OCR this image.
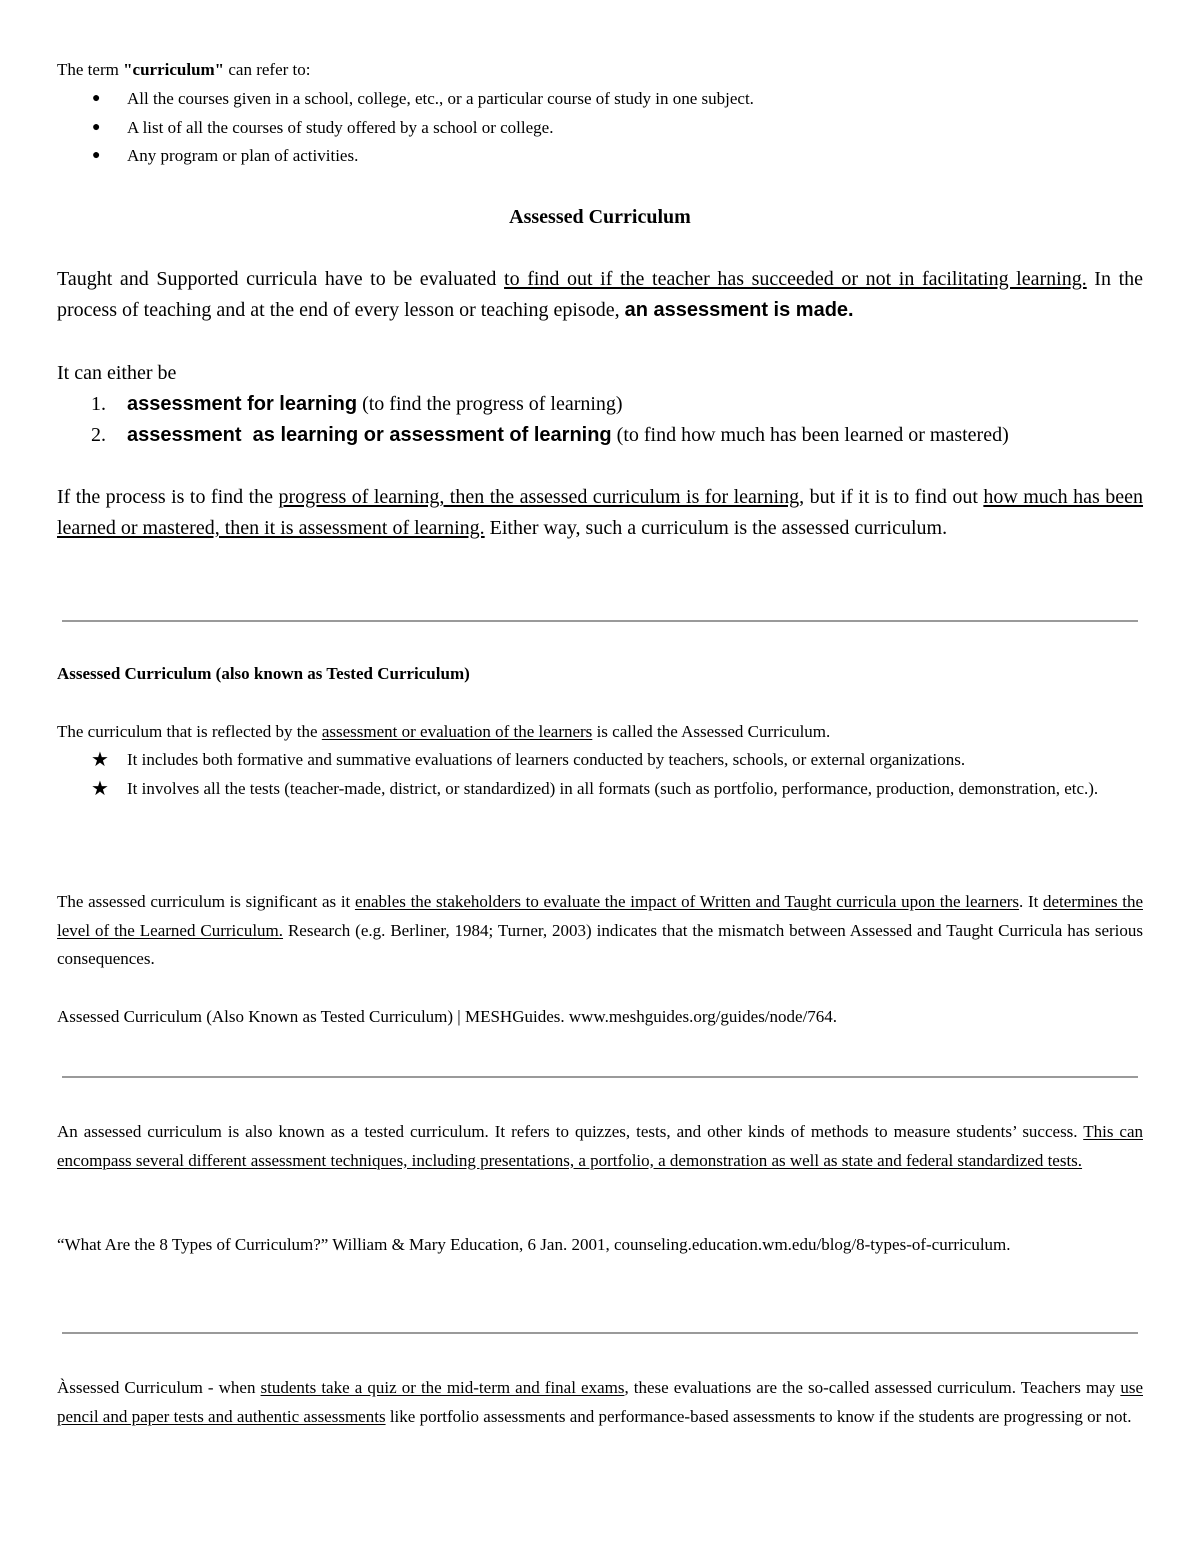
The term "curriculum" can refer to:

● All the courses given in a school, college, etc., or a particular course of study in one subject.
● A list of all the courses of study offered by a school or college.
● Any program or plan of activities.

Assessed Curriculum

Taught and Supported curricula have to be evaluated to find out if the teacher has succeeded or not in facilitating learning. In the process of teaching and at the end of every lesson or teaching episode, an assessment is made.

It can either be

1. assessment for learning (to find the progress of learning)
2. assessment  as learning or assessment of learning (to find how much has been learned or mastered)

If the process is to find the progress of learning, then the assessed curriculum is for learning, but if it is to find out how much has been learned or mastered, then it is assessment of learning. Either way, such a curriculum is the assessed curriculum.

Assessed Curriculum (also known as Tested Curriculum)

The curriculum that is reflected by the assessment or evaluation of the learners is called the Assessed Curriculum.

★ It includes both formative and summative evaluations of learners conducted by teachers, schools, or external organizations.
★ It involves all the tests (teacher-made, district, or standardized) in all formats (such as portfolio, performance, production, demonstration, etc.).

The assessed curriculum is significant as it enables the stakeholders to evaluate the impact of Written and Taught curricula upon the learners. It determines the level of the Learned Curriculum. Research (e.g. Berliner, 1984; Turner, 2003) indicates that the mismatch between Assessed and Taught Curricula has serious consequences.

Assessed Curriculum (Also Known as Tested Curriculum) | MESHGuides. www.meshguides.org/guides/node/764.

An assessed curriculum is also known as a tested curriculum. It refers to quizzes, tests, and other kinds of methods to measure students’ success. This can encompass several different assessment techniques, including presentations, a portfolio, a demonstration as well as state and federal standardized tests.

“What Are the 8 Types of Curriculum?” William & Mary Education, 6 Jan. 2001, counseling.education.wm.edu/blog/8-types-of-curriculum.

Àssessed Curriculum - when students take a quiz or the mid-term and final exams, these evaluations are the so-called assessed curriculum. Teachers may use pencil and paper tests and authentic assessments like portfolio assessments and performance-based assessments to know if the students are progressing or not.
